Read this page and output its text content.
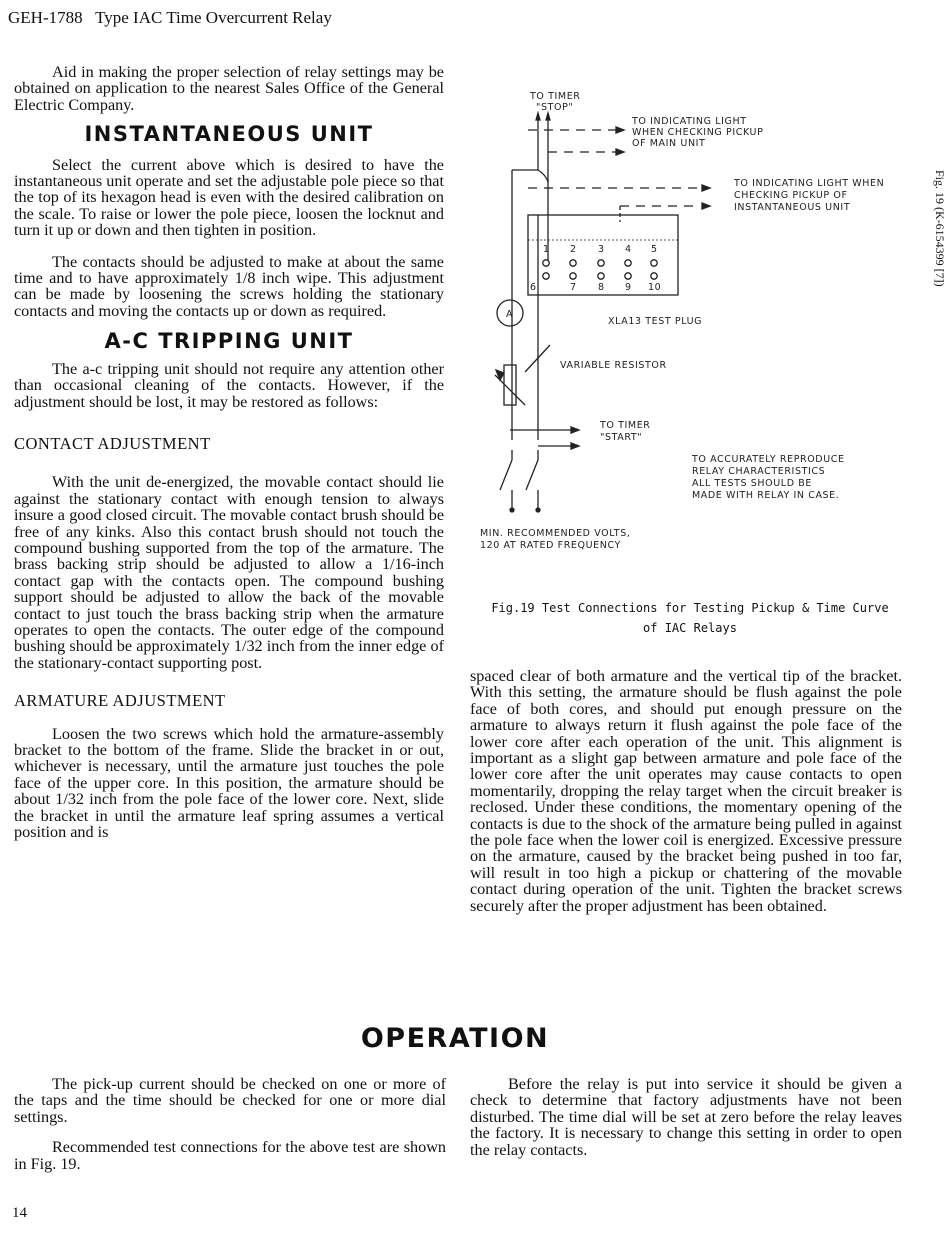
GEH-1788 Type IAC Time Overcurrent Relay

Aid in making the proper selection of relay settings may be obtained on application to the nearest Sales Office of the General Electric Company.

INSTANTANEOUS UNIT

Select the current above which is desired to have the instantaneous unit operate and set the adjustable pole piece so that the top of its hexagon head is even with the desired calibration on the scale. To raise or lower the pole piece, loosen the locknut and turn it up or down and then tighten in position.

The contacts should be adjusted to make at about the same time and to have approximately 1/8 inch wipe. This adjustment can be made by loosening the screws holding the stationary contacts and moving the contacts up or down as required.

A-C TRIPPING UNIT

The a-c tripping unit should not require any attention other than occasional cleaning of the contacts. However, if the adjustment should be lost, it may be restored as follows:

CONTACT ADJUSTMENT

With the unit de-energized, the movable contact should lie against the stationary contact with enough tension to always insure a good closed circuit. The movable contact brush should be free of any kinks. Also this contact brush should not touch the compound bushing supported from the top of the armature. The brass backing strip should be adjusted to allow a 1/16-inch contact gap with the contacts open. The compound bushing support should be adjusted to allow the back of the movable contact to just touch the brass backing strip when the armature operates to open the contacts. The outer edge of the compound bushing should be approximately 1/32 inch from the inner edge of the stationary-contact supporting post.

ARMATURE ADJUSTMENT

Loosen the two screws which hold the armature-assembly bracket to the bottom of the frame. Slide the bracket in or out, whichever is necessary, until the armature just touches the pole face of the upper core. In this position, the armature should be about 1/32 inch from the pole face of the lower core. Next, slide the bracket in until the armature leaf spring assumes a vertical position and is

TO TIMER
"STOP"
TO INDICATING LIGHT
WHEN CHECKING PICKUP
OF MAIN UNIT
TO INDICATING LIGHT WHEN
CHECKING PICKUP OF
INSTANTANEOUS UNIT
1 2 3 4 5
6	7 8 9 10
XLA13 TEST PLUG
A
VARIABLE RESISTOR
TO TIMER
"START"
TO ACCURATELY REPRODUCE
RELAY CHARACTERISTICS
ALL TESTS SHOULD BE
MADE WITH RELAY IN CASE.
MIN. RECOMMENDED VOLTS,
120 AT RATED FREQUENCY
Fig. 19 (K-6154399 [7])
Fig.19 Test Connections for Testing Pickup & Time Curve
of IAC Relays

spaced clear of both armature and the vertical tip of the bracket. With this setting, the armature should be flush against the pole face of both cores, and should put enough pressure on the armature to always return it flush against the pole face of the lower core after each operation of the unit. This alignment is important as a slight gap between armature and pole face of the lower core after the unit operates may cause contacts to open momentarily, dropping the relay target when the circuit breaker is reclosed. Under these conditions, the momentary opening of the contacts is due to the shock of the armature being pulled in against the pole face when the lower coil is energized. Excessive pressure on the armature, caused by the bracket being pushed in too far, will result in too high a pickup or chattering of the movable contact during operation of the unit. Tighten the bracket screws securely after the proper adjustment has been obtained.

OPERATION

The pick-up current should be checked on one or more of the taps and the time should be checked for one or more dial settings.

Recommended test connections for the above test are shown in Fig. 19.

Before the relay is put into service it should be given a check to determine that factory adjustments have not been disturbed. The time dial will be set at zero before the relay leaves the factory. It is necessary to change this setting in order to open the relay contacts.

14
